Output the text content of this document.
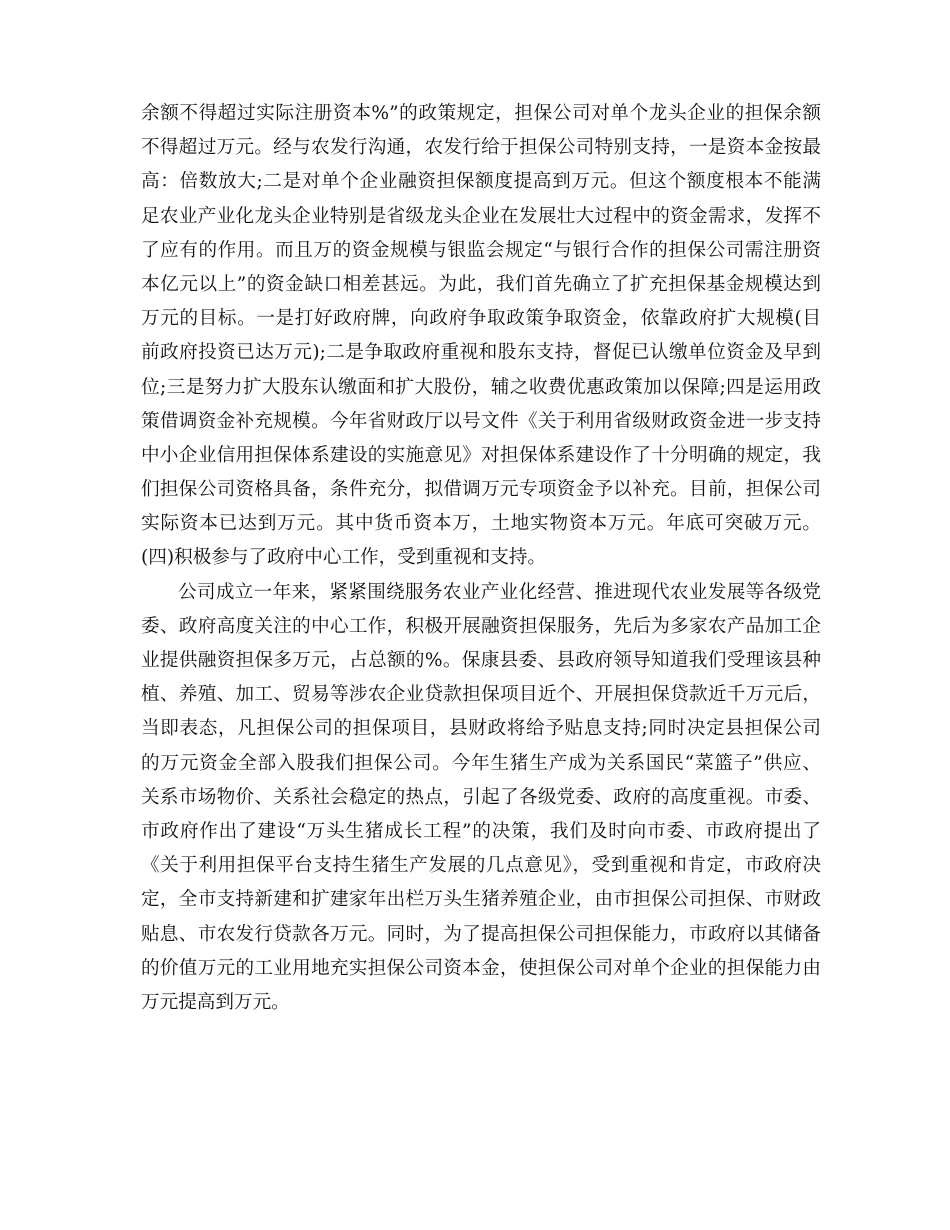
余额不得超过实际注册资本%”的政策规定，担保公司对单个龙头企业的担保余额
不得超过万元。经与农发行沟通，农发行给于担保公司特别支持，一是资本金按最
高：倍数放大;二是对单个企业融资担保额度提高到万元。但这个额度根本不能满
足农业产业化龙头企业特别是省级龙头企业在发展壮大过程中的资金需求，发挥不
了应有的作用。而且万的资金规模与银监会规定“与银行合作的担保公司需注册资
本亿元以上”的资金缺口相差甚远。为此，我们首先确立了扩充担保基金规模达到
万元的目标。一是打好政府牌，向政府争取政策争取资金，依靠政府扩大规模(目
前政府投资已达万元);二是争取政府重视和股东支持，督促已认缴单位资金及早到
位;三是努力扩大股东认缴面和扩大股份，辅之收费优惠政策加以保障;四是运用政
策借调资金补充规模。今年省财政厅以号文件《关于利用省级财政资金进一步支持
中小企业信用担保体系建设的实施意见》对担保体系建设作了十分明确的规定，我
们担保公司资格具备，条件充分，拟借调万元专项资金予以补充。目前，担保公司
实际资本已达到万元。其中货币资本万，土地实物资本万元。年底可突破万元。
(四)积极参与了政府中心工作，受到重视和支持。
公司成立一年来，紧紧围绕服务农业产业化经营、推进现代农业发展等各级党
委、政府高度关注的中心工作，积极开展融资担保服务，先后为多家农产品加工企
业提供融资担保多万元，占总额的%。保康县委、县政府领导知道我们受理该县种
植、养殖、加工、贸易等涉农企业贷款担保项目近个、开展担保贷款近千万元后，
当即表态，凡担保公司的担保项目，县财政将给予贴息支持;同时决定县担保公司
的万元资金全部入股我们担保公司。今年生猪生产成为关系国民“菜篮子”供应、
关系市场物价、关系社会稳定的热点，引起了各级党委、政府的高度重视。市委、
市政府作出了建设“万头生猪成长工程”的决策，我们及时向市委、市政府提出了
《关于利用担保平台支持生猪生产发展的几点意见》，受到重视和肯定，市政府决
定，全市支持新建和扩建家年出栏万头生猪养殖企业，由市担保公司担保、市财政
贴息、市农发行贷款各万元。同时，为了提高担保公司担保能力，市政府以其储备
的价值万元的工业用地充实担保公司资本金，使担保公司对单个企业的担保能力由
万元提高到万元。
